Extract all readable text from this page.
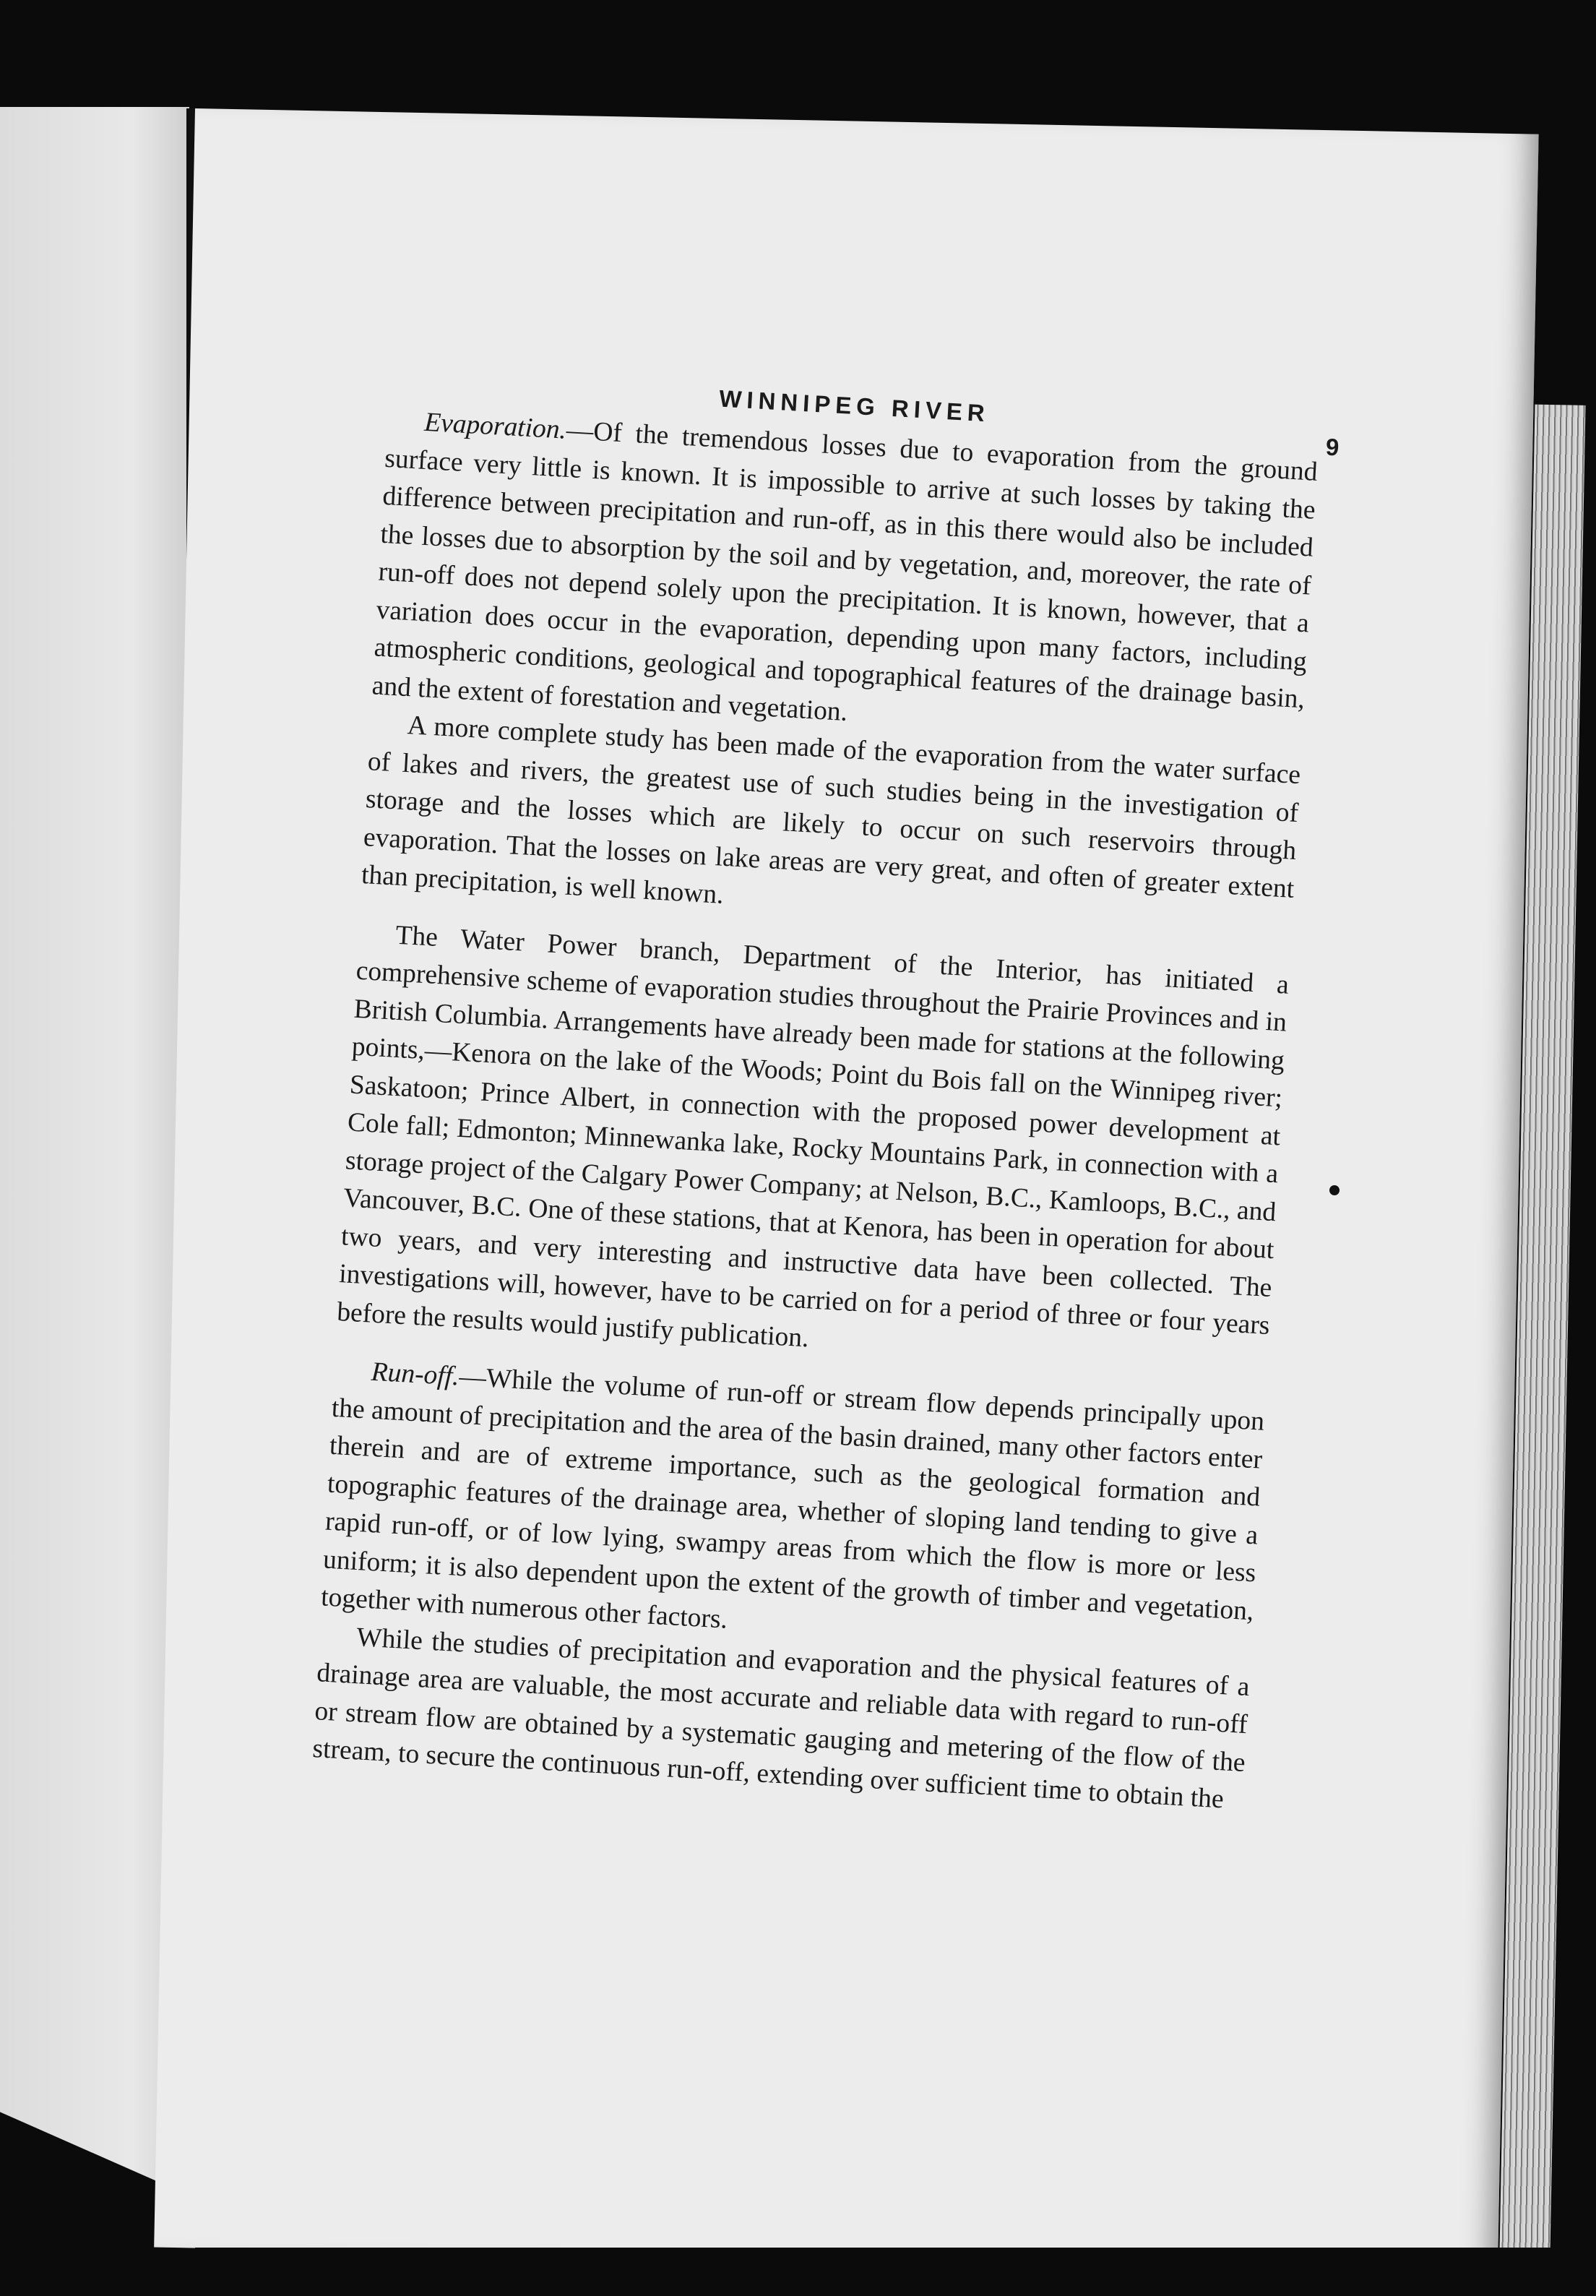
WINNIPEG RIVER
9

Evaporation.—Of the tremendous losses due to evaporation from the ground surface very little is known. It is impossible to arrive at such losses by taking the difference between precipitation and run-off, as in this there would also be included the losses due to absorption by the soil and by vegetation, and, moreover, the rate of run-off does not depend solely upon the precipitation. It is known, however, that a variation does occur in the evaporation, depending upon many factors, including atmospheric conditions, geological and topographical features of the drainage basin, and the extent of forestation and vegetation.

A more complete study has been made of the evaporation from the water surface of lakes and rivers, the greatest use of such studies being in the investigation of storage and the losses which are likely to occur on such reservoirs through evaporation. That the losses on lake areas are very great, and often of greater extent than precipitation, is well known.

The Water Power branch, Department of the Interior, has initiated a comprehensive scheme of evaporation studies throughout the Prairie Provinces and in British Columbia. Arrangements have already been made for stations at the following points,—Kenora on the lake of the Woods; Point du Bois fall on the Winnipeg river; Saskatoon; Prince Albert, in connection with the proposed power development at Cole fall; Edmonton; Minnewanka lake, Rocky Mountains Park, in connection with a storage project of the Calgary Power Company; at Nelson, B.C., Kamloops, B.C., and Vancouver, B.C. One of these stations, that at Kenora, has been in operation for about two years, and very interesting and instructive data have been collected. The investigations will, however, have to be carried on for a period of three or four years before the results would justify publication.

Run-off.—While the volume of run-off or stream flow depends principally upon the amount of precipitation and the area of the basin drained, many other factors enter therein and are of extreme importance, such as the geological formation and topographic features of the drainage area, whether of sloping land tending to give a rapid run-off, or of low lying, swampy areas from which the flow is more or less uniform; it is also dependent upon the extent of the growth of timber and vegetation, together with numerous other factors.

While the studies of precipitation and evaporation and the physical features of a drainage area are valuable, the most accurate and reliable data with regard to run-off or stream flow are obtained by a systematic gauging and metering of the flow of the stream, to secure the continuous run-off, extending over sufficient time to obtain the
